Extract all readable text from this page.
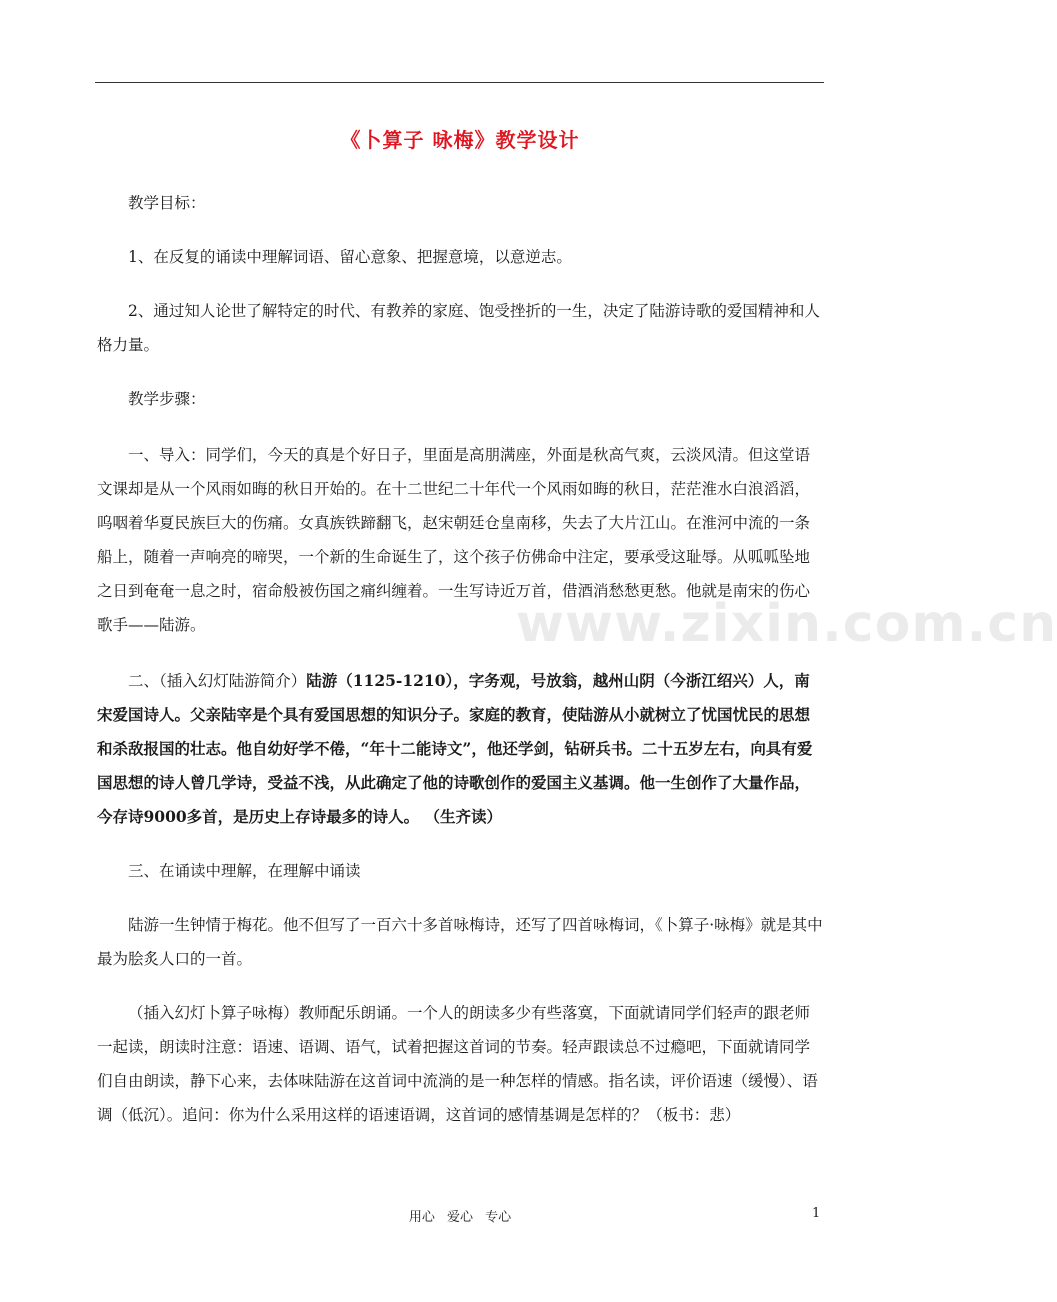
《卜算子 咏梅》教学设计

教学目标：

1、在反复的诵读中理解词语、留心意象、把握意境，以意逆志。

2、通过知人论世了解特定的时代、有教养的家庭、饱受挫折的一生，决定了陆游诗歌的爱国精神和人格力量。

教学步骤：

一、导入：同学们，今天的真是个好日子，里面是高朋满座，外面是秋高气爽，云淡风清。但这堂语文课却是从一个风雨如晦的秋日开始的。在十二世纪二十年代一个风雨如晦的秋日，茫茫淮水白浪滔滔，呜咽着华夏民族巨大的伤痛。女真族铁蹄翻飞，赵宋朝廷仓皇南移，失去了大片江山。在淮河中流的一条船上，随着一声响亮的啼哭，一个新的生命诞生了，这个孩子仿佛命中注定，要承受这耻辱。从呱呱坠地之日到奄奄一息之时，宿命般被伤国之痛纠缠着。一生写诗近万首，借酒消愁愁更愁。他就是南宋的伤心歌手——陆游。

二、（插入幻灯陆游简介）陆游（1125-1210），字务观，号放翁，越州山阴（今浙江绍兴）人，南宋爱国诗人。父亲陆宰是个具有爱国思想的知识分子。家庭的教育，使陆游从小就树立了忧国忧民的思想和杀敌报国的壮志。他自幼好学不倦，“年十二能诗文”，他还学剑，钻研兵书。二十五岁左右，向具有爱国思想的诗人曾几学诗，受益不浅，从此确定了他的诗歌创作的爱国主义基调。他一生创作了大量作品，今存诗9000多首，是历史上存诗最多的诗人。 （生齐读）

三、在诵读中理解，在理解中诵读

陆游一生钟情于梅花。他不但写了一百六十多首咏梅诗，还写了四首咏梅词，《卜算子·咏梅》就是其中最为脍炙人口的一首。

（插入幻灯卜算子咏梅）教师配乐朗诵。一个人的朗读多少有些落寞，下面就请同学们轻声的跟老师一起读，朗读时注意：语速、语调、语气，试着把握这首词的节奏。轻声跟读总不过瘾吧，下面就请同学们自由朗读，静下心来，去体味陆游在这首词中流淌的是一种怎样的情感。指名读，评价语速（缓慢）、语调（低沉）。追问：你为什么采用这样的语速语调，这首词的感情基调是怎样的？（板书：悲）

www.zixin.com.cn
用心 爱心 专心	1
